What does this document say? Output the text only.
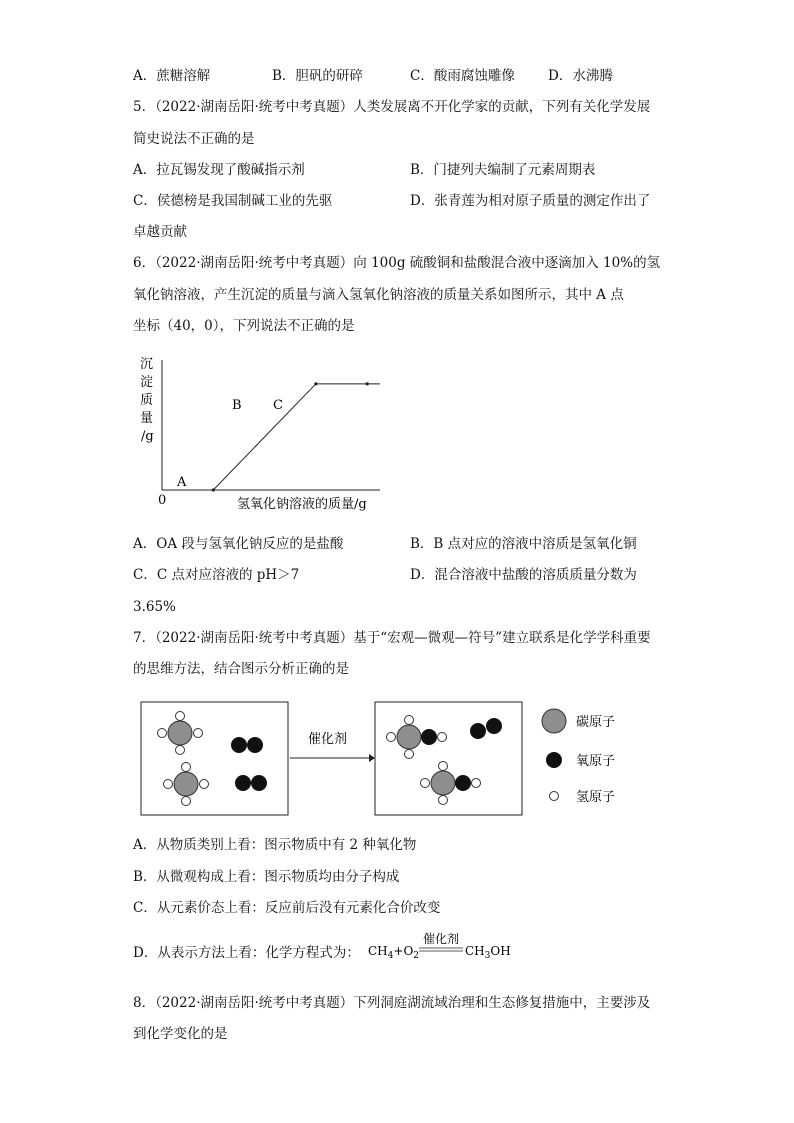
A．蔗糖溶解	B．胆矾的研碎	C．酸雨腐蚀雕像 D．水沸腾
5．（2022·湖南岳阳·统考中考真题）人类发展离不开化学家的贡献，下列有关化学发展
简史说法不正确的是
A．拉瓦锡发现了酸碱指示剂	B．门捷列夫编制了元素周期表
C．侯德榜是我国制碱工业的先驱	D．张青莲为相对原子质量的测定作出了
卓越贡献
6．（2022·湖南岳阳·统考中考真题）向 100g 硫酸铜和盐酸混合液中逐滴加入 10%的氢
氧化钠溶液，产生沉淀的质量与滴入氢氧化钠溶液的质量关系如图所示，其中 A 点
坐标（40，0），下列说法不正确的是
沉
淀
质
量
/g
A
B C
0	氢氧化钠溶液的质量/g
A．OA 段与氢氧化钠反应的是盐酸	B．B 点对应的溶液中溶质是氢氧化铜
C．C 点对应溶液的 pH＞7	D．混合溶液中盐酸的溶质质量分数为
3.65%
7．（2022·湖南岳阳·统考中考真题）基于“宏观—微观—符号”建立联系是化学学科重要
的思维方法，结合图示分析正确的是
催化剂
碳原子
氧原子
氢原子
A．从物质类别上看：图示物质中有 2 种氧化物
B．从微观构成上看：图示物质均由分子构成
C．从元素价态上看：反应前后没有元素化合价改变
D．从表示方法上看：化学方程式为：
催化剂
$CH_4+O_2$	$CH_3OH$
8．（2022·湖南岳阳·统考中考真题）下列洞庭湖流域治理和生态修复措施中，主要涉及
到化学变化的是
